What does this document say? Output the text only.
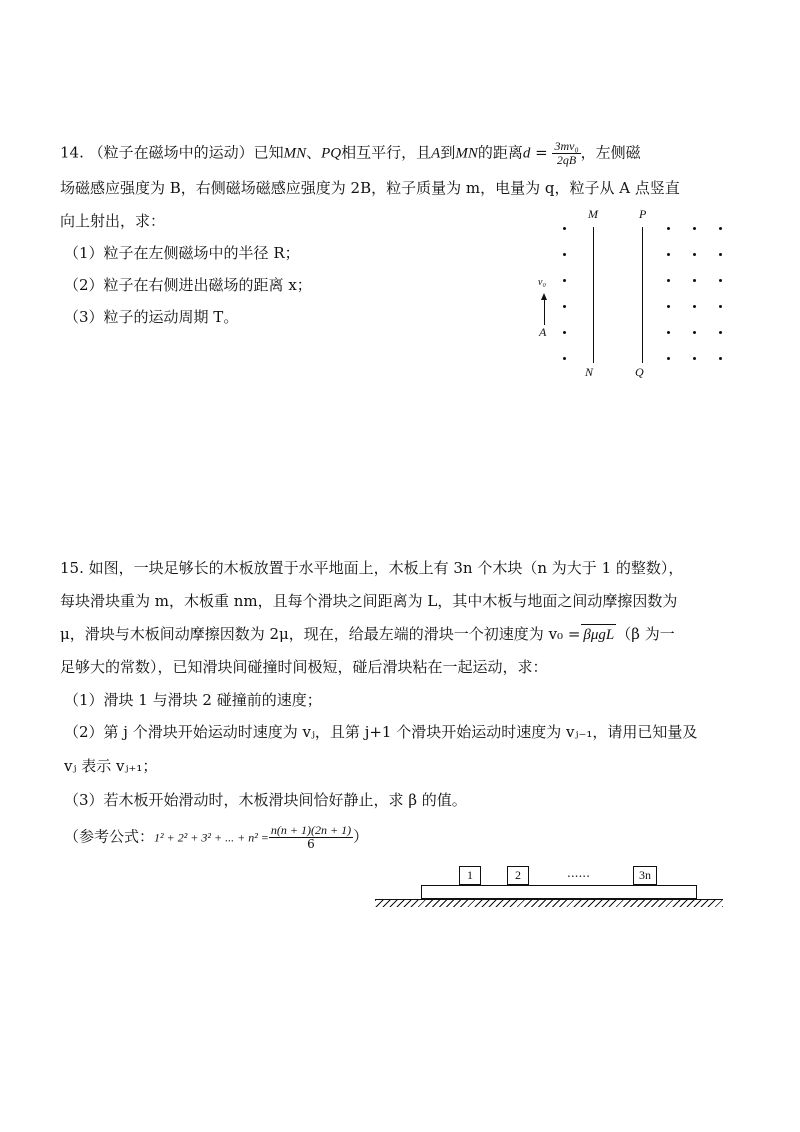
14. （粒子在磁场中的运动）已知MN、PQ相互平行，且A到MN的距离$d = \frac{\text{3mv₀}}{2qB}$ ，左侧磁
场磁感应强度为 B，右侧磁场磁感应强度为 2B，粒子质量为 m，电量为 q，粒子从 A 点竖直
向上射出，求：
（1）粒子在左侧磁场中的半径 R；
（2）粒子在右侧进出磁场的距离 x；
（3）粒子的运动周期 T。
M	P
N	Q
v₀
A
15. 如图，一块足够长的木板放置于水平地面上，木板上有 3n 个木块（n 为大于 1 的整数），
每块滑块重为 m，木板重 nm，且每个滑块之间距离为 L，其中木板与地面之间动摩擦因数为
μ，滑块与木板间动摩擦因数为 2μ，现在，给最左端的滑块一个初速度为 v₀ = βμgL （β 为一
足够大的常数），已知滑块间碰撞时间极短，碰后滑块粘在一起运动，求：
（1）滑块 1 与滑块 2 碰撞前的速度；
（2）第 j 个滑块开始运动时速度为 vⱼ，且第 j+1 个滑块开始运动时速度为 vⱼ₋₁，请用已知量及
vⱼ 表示 vⱼ₊₁；
（3）若木板开始滑动时，木板滑块间恰好静止，求 β 的值。
（参考公式：1² + 2² + 3² + ... + $n^2 = \frac{n(n + 1)(2n + 1)}{6}$ ）
1	2	......	3n
